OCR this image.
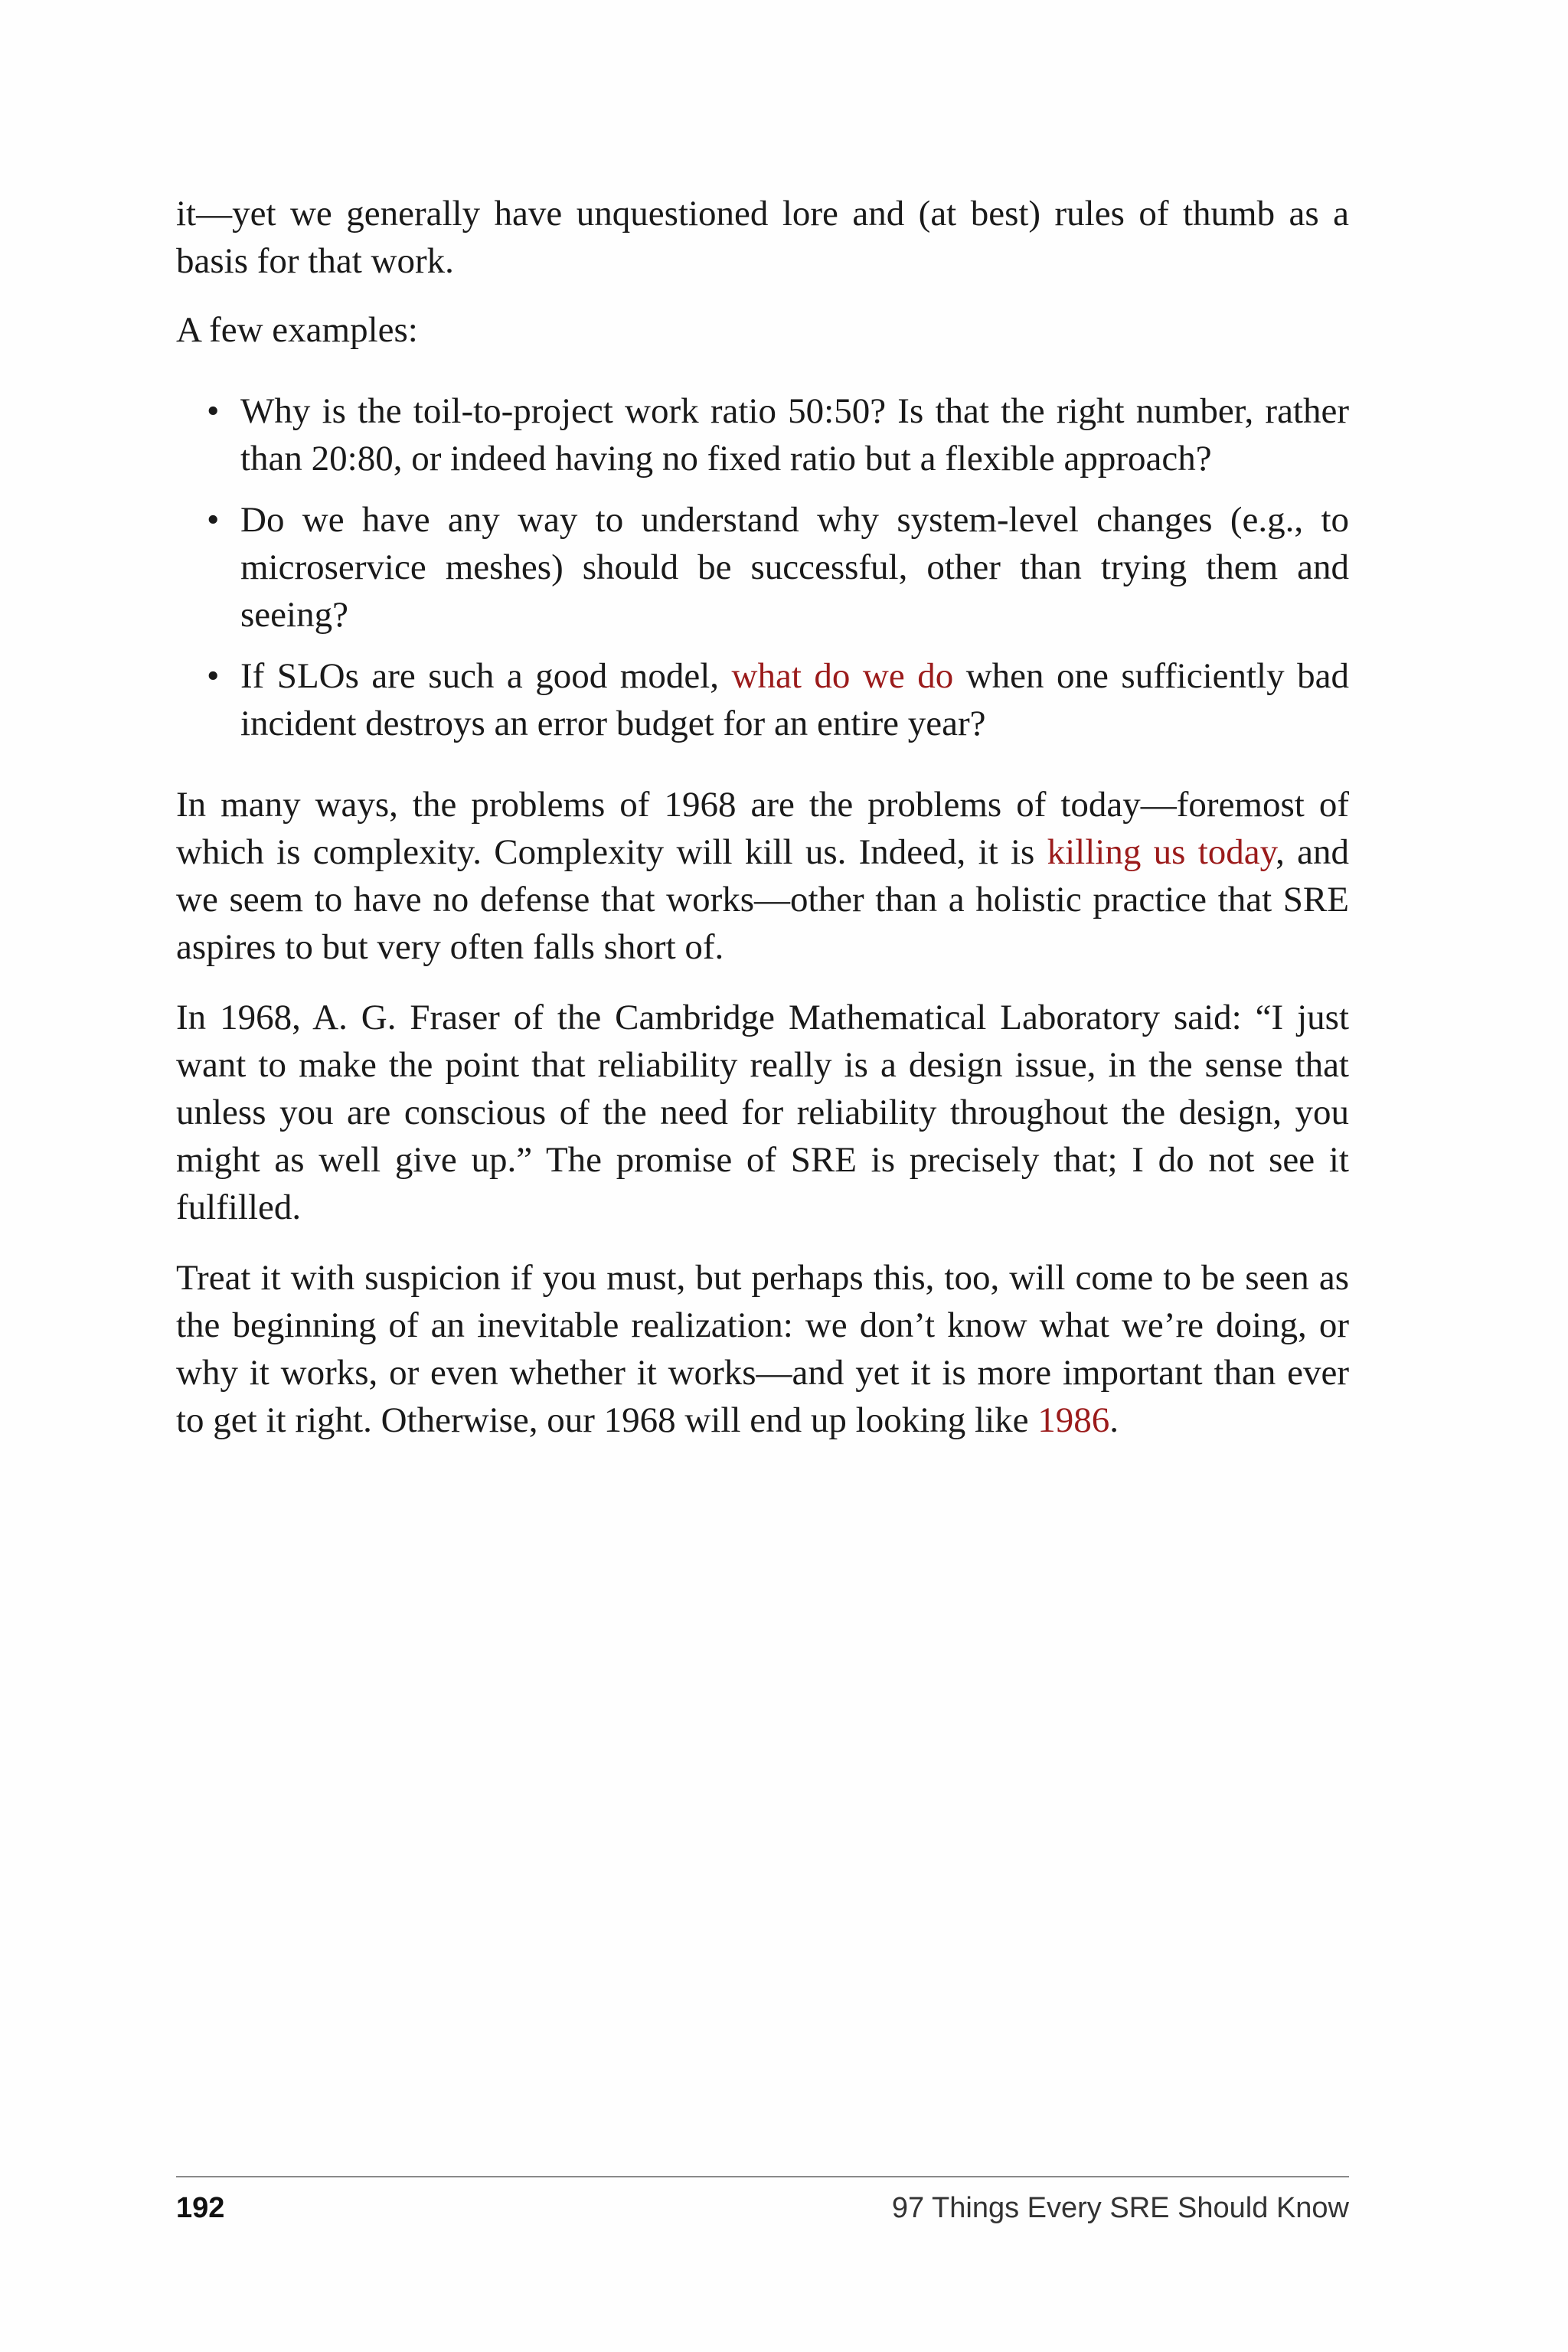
it—yet we generally have unquestioned lore and (at best) rules of thumb as a basis for that work.

A few examples:

• Why is the toil-to-project work ratio 50:50? Is that the right number, rather than 20:80, or indeed having no fixed ratio but a flexible approach?
• Do we have any way to understand why system-level changes (e.g., to microservice meshes) should be successful, other than trying them and seeing?
• If SLOs are such a good model, what do we do when one sufficiently bad incident destroys an error budget for an entire year?

In many ways, the problems of 1968 are the problems of today—foremost of which is complexity. Complexity will kill us. Indeed, it is killing us today, and we seem to have no defense that works—other than a holistic practice that SRE aspires to but very often falls short of.

In 1968, A. G. Fraser of the Cambridge Mathematical Laboratory said: “I just want to make the point that reliability really is a design issue, in the sense that unless you are conscious of the need for reliability throughout the design, you might as well give up.” The promise of SRE is precisely that; I do not see it fulfilled.

Treat it with suspicion if you must, but perhaps this, too, will come to be seen as the beginning of an inevitable realization: we don’t know what we’re doing, or why it works, or even whether it works—and yet it is more important than ever to get it right. Otherwise, our 1968 will end up looking like 1986.

192	97 Things Every SRE Should Know
